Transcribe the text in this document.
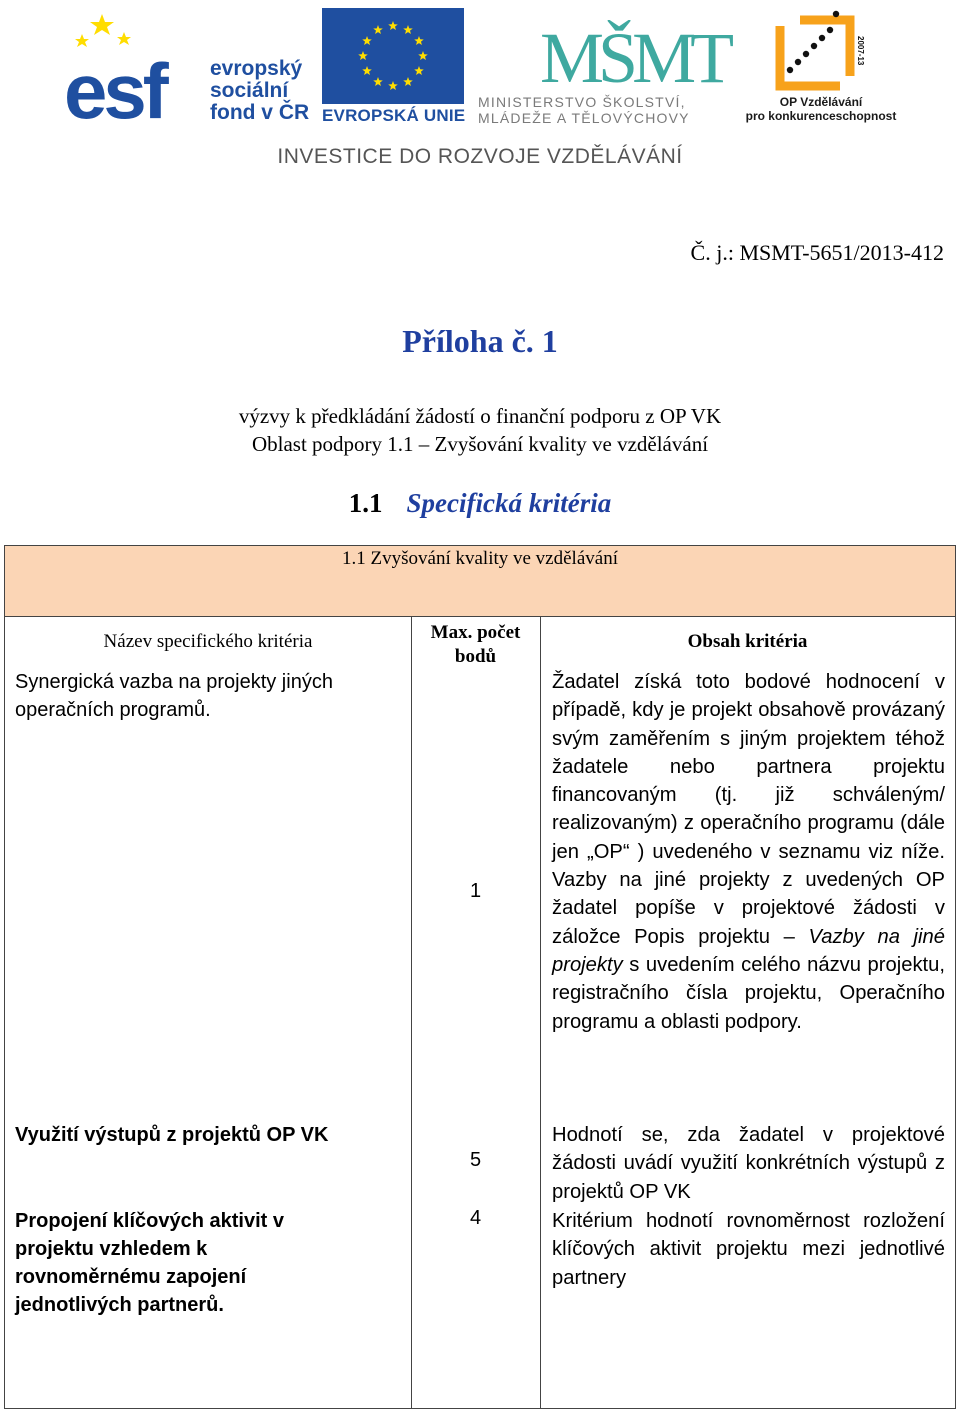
esf evropský
sociální
fond v ČR EVROPSKÁ UNIE
MŠMT
MINISTERSTVO ŠKOLSTVÍ,
MLÁDEŽE A TĚLOVÝCHOVY
2007-13
OP Vzdělávání
pro konkurenceschopnost
INVESTICE DO ROZVOJE VZDĚLÁVÁNÍ
Č. j.: MSMT-5651/2013-412
Příloha č. 1
výzvy k předkládání žádostí o finanční podporu z OP VK
Oblast podpory 1.1 – Zvyšování kvality ve vzdělávání
1.1 Specifická kritéria
1.1 Zvyšování kvality ve vzdělávání
Název specifického kritéria	Max. počet
bodů
Obsah kritéria
Synergická vazba na projekty jiných operačních programů.
1
Žadatel získá toto bodové hodnocení v případě, kdy je projekt obsahově provázaný svým zaměřením s jiným projektem téhož žadatele nebo partnera projektu financovaným (tj. již schváleným/ realizovaným) z operačního programu (dále jen „OP“ ) uvedeného v seznamu viz níže. Vazby na jiné projekty z uvedených OP žadatel popíše v projektové žádosti v záložce Popis projektu – Vazby na jiné projekty s uvedením celého názvu projektu, registračního čísla projektu, Operačního programu a oblasti podpory.
Využití výstupů z projektů OP VK
5
Hodnotí se, zda žadatel v projektové žádosti uvádí využití konkrétních výstupů z projektů OP VK
Propojení klíčových aktivit v projektu vzhledem k rovnoměrnému zapojení jednotlivých partnerů.
4	Kritérium hodnotí rovnoměrnost rozložení klíčových aktivit projektu mezi jednotlivé partnery
